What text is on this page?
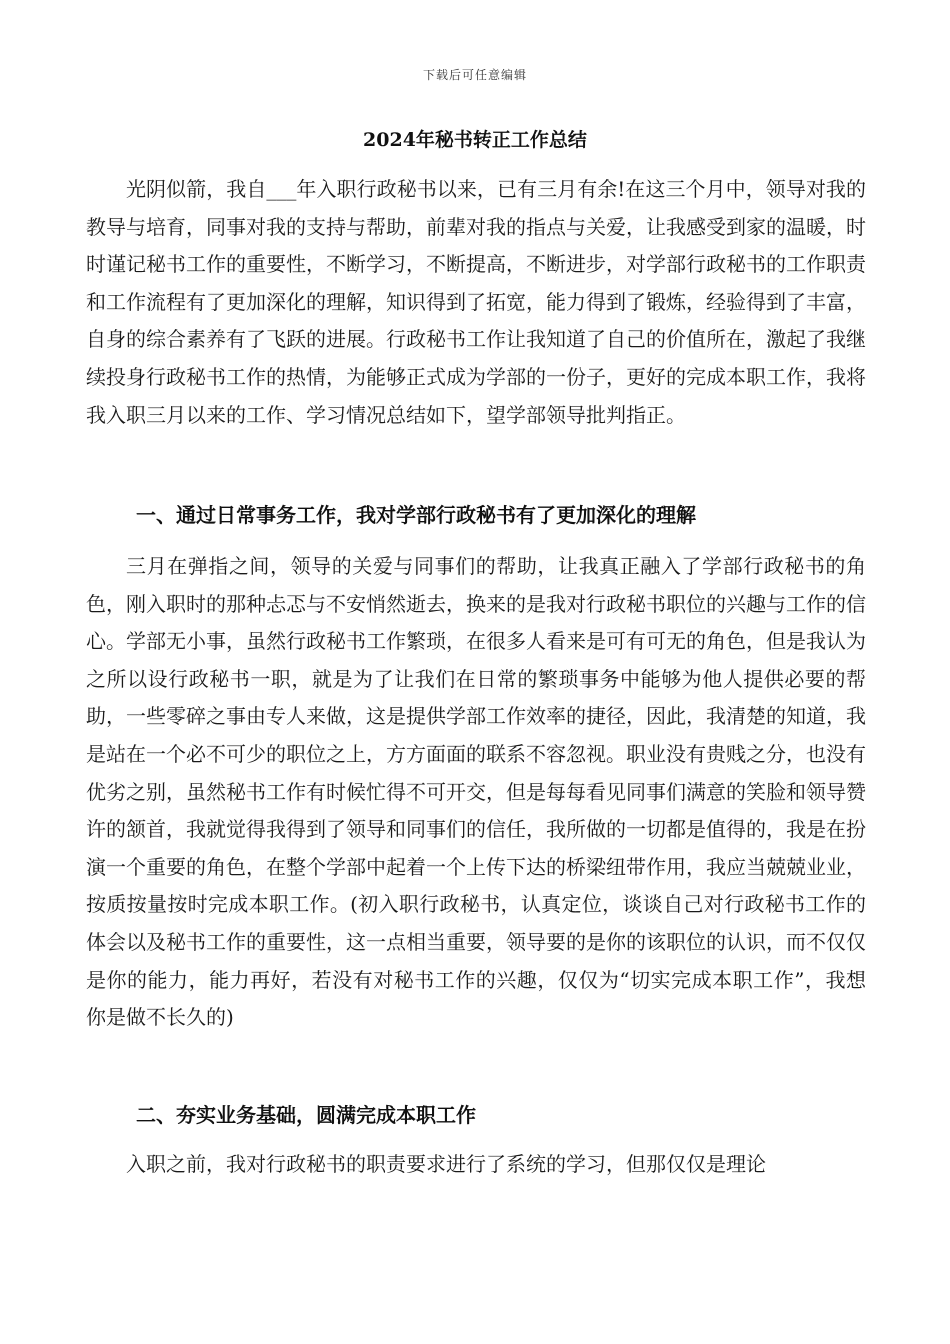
下载后可任意编辑
2024年秘书转正工作总结

光阴似箭，我自___年入职行政秘书以来，已有三月有余!在这三个月中，领导对我的教导与培育，同事对我的支持与帮助，前辈对我的指点与关爱，让我感受到家的温暖，时时谨记秘书工作的重要性，不断学习，不断提高，不断进步，对学部行政秘书的工作职责和工作流程有了更加深化的理解，知识得到了拓宽，能力得到了锻炼，经验得到了丰富，自身的综合素养有了飞跃的进展。行政秘书工作让我知道了自己的价值所在，激起了我继续投身行政秘书工作的热情，为能够正式成为学部的一份子，更好的完成本职工作，我将我入职三月以来的工作、学习情况总结如下，望学部领导批判指正。

一、通过日常事务工作，我对学部行政秘书有了更加深化的理解

三月在弹指之间，领导的关爱与同事们的帮助，让我真正融入了学部行政秘书的角色，刚入职时的那种忐忑与不安悄然逝去，换来的是我对行政秘书职位的兴趣与工作的信心。学部无小事，虽然行政秘书工作繁琐，在很多人看来是可有可无的角色，但是我认为之所以设行政秘书一职，就是为了让我们在日常的繁琐事务中能够为他人提供必要的帮助，一些零碎之事由专人来做，这是提供学部工作效率的捷径，因此，我清楚的知道，我是站在一个必不可少的职位之上，方方面面的联系不容忽视。职业没有贵贱之分，也没有优劣之别，虽然秘书工作有时候忙得不可开交，但是每每看见同事们满意的笑脸和领导赞许的颔首，我就觉得我得到了领导和同事们的信任，我所做的一切都是值得的，我是在扮演一个重要的角色，在整个学部中起着一个上传下达的桥梁纽带作用，我应当兢兢业业，按质按量按时完成本职工作。(初入职行政秘书，认真定位，谈谈自己对行政秘书工作的体会以及秘书工作的重要性，这一点相当重要，领导要的是你的该职位的认识，而不仅仅是你的能力，能力再好，若没有对秘书工作的兴趣，仅仅为“切实完成本职工作”，我想你是做不长久的)

二、夯实业务基础，圆满完成本职工作

入职之前，我对行政秘书的职责要求进行了系统的学习，但那仅仅是理论
